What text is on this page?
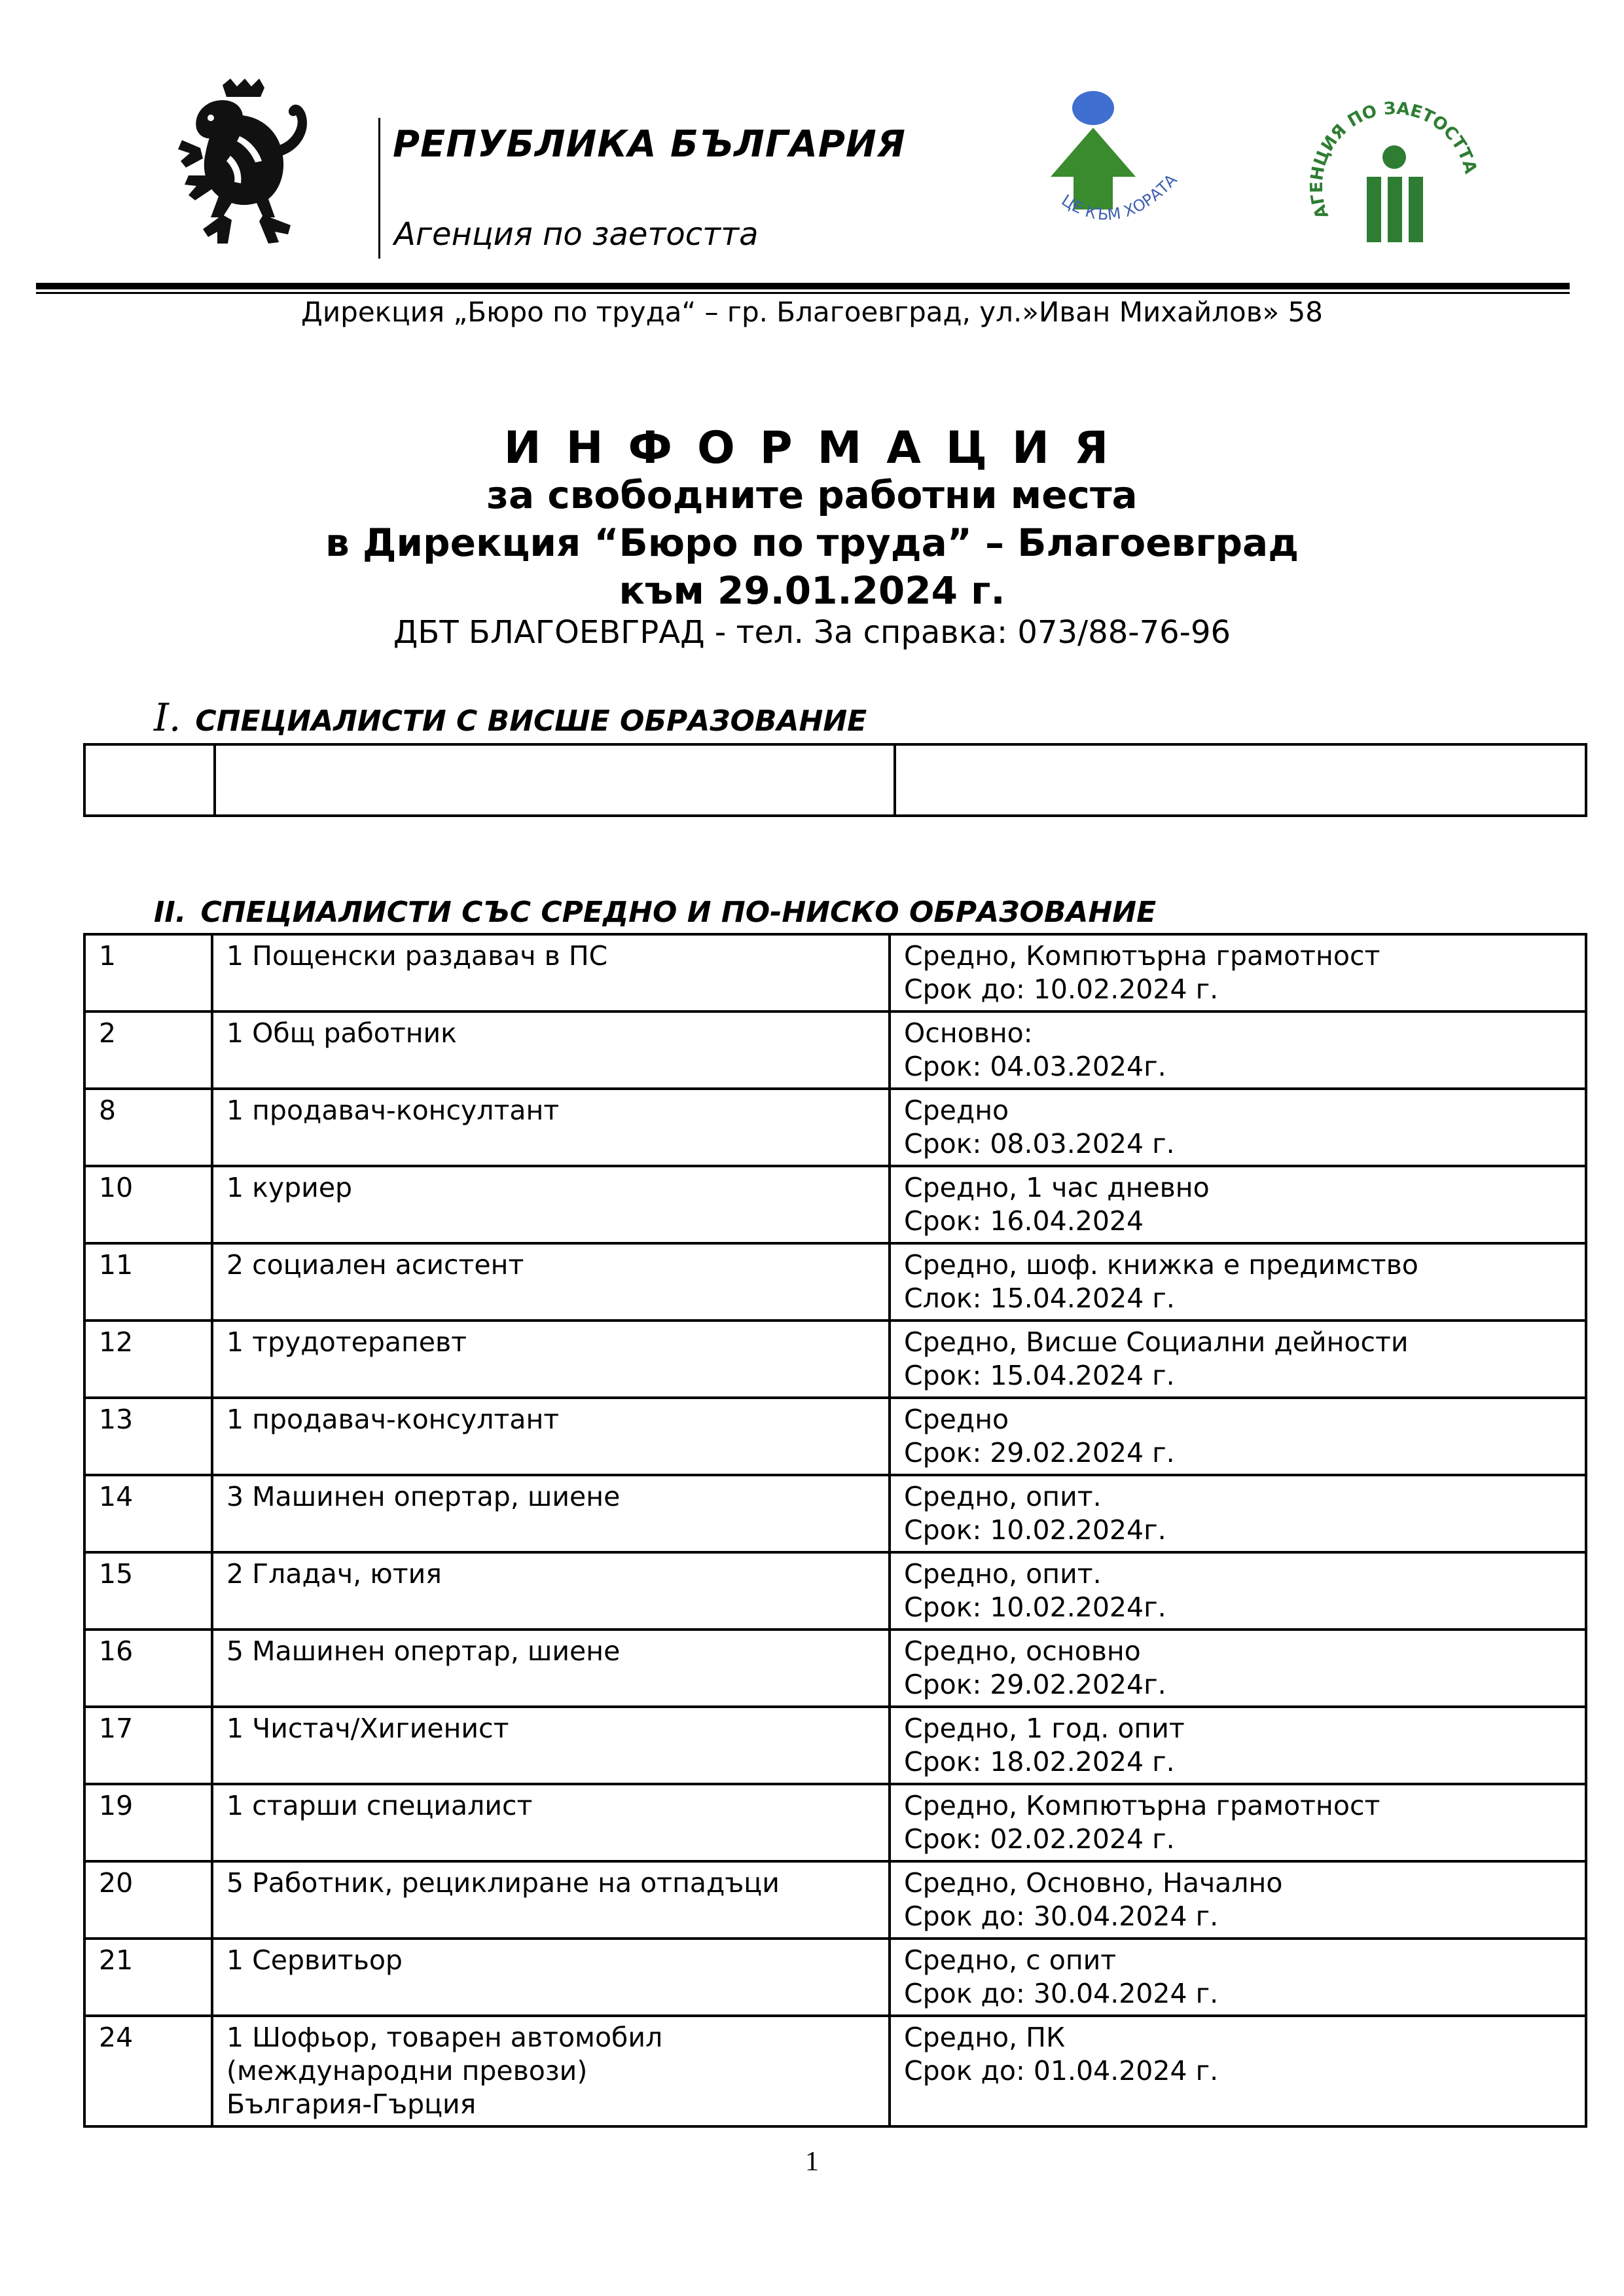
РЕПУБЛИКА БЪЛГАРИЯ
Агенция по заетостта
ЦЕ КЪМ ХОРАТА
АГЕНЦИЯ ПО ЗАЕТОСТТА
Дирекция „Бюро по труда“ – гр. Благоевград, ул.»Иван Михайлов» 58
ИНФОРМАЦИЯ
за свободните работни места
в Дирекция “Бюро по труда” – Благоевград
към 29.01.2024 г.
ДБТ БЛАГОЕВГРАД - тел. За справка: 073/88-76-96
I. СПЕЦИАЛИСТИ С ВИСШЕ ОБРАЗОВАНИЕ

II. СПЕЦИАЛИСТИ СЪС СРЕДНО И ПО-НИСКО ОБРАЗОВАНИЕ
1	1 Пощенски раздавач в ПС	Средно, Компютърна грамотност
Срок до: 10.02.2024 г.

2	1 Общ работник	Основно:
Срок: 04.03.2024г.

8	1 продавач-консултант	Средно
Срок: 08.03.2024 г.

10	1 куриер	Средно, 1 час дневно
Срок: 16.04.2024

11	2 социален асистент	Средно, шоф. книжка е предимство
Слок: 15.04.2024 г.

12	1 трудотерапевт	Средно, Висше Социални дейности
Срок: 15.04.2024 г.

13	1 продавач-консултант	Средно
Срок: 29.02.2024 г.

14	3 Машинен опертар, шиене	Средно, опит.
Срок: 10.02.2024г.

15	2 Гладач, ютия	Средно, опит.
Срок: 10.02.2024г.

16	5 Машинен опертар, шиене	Средно, основно
Срок: 29.02.2024г.

17	1 Чистач/Хигиенист	Средно, 1 год. опит
Срок: 18.02.2024 г.

19	1 старши специалист	Средно, Компютърна грамотност
Срок: 02.02.2024 г.

20	5 Работник, рециклиране на отпадъци	Средно, Основно, Начално
Срок до: 30.04.2024 г.

21	1 Сервитьор	Средно, с опит
Срок до: 30.04.2024 г.

24	1 Шофьор, товарен автомобил
(международни превози)
България-Гърция	Средно, ПК
Срок до: 01.04.2024 г.
1
